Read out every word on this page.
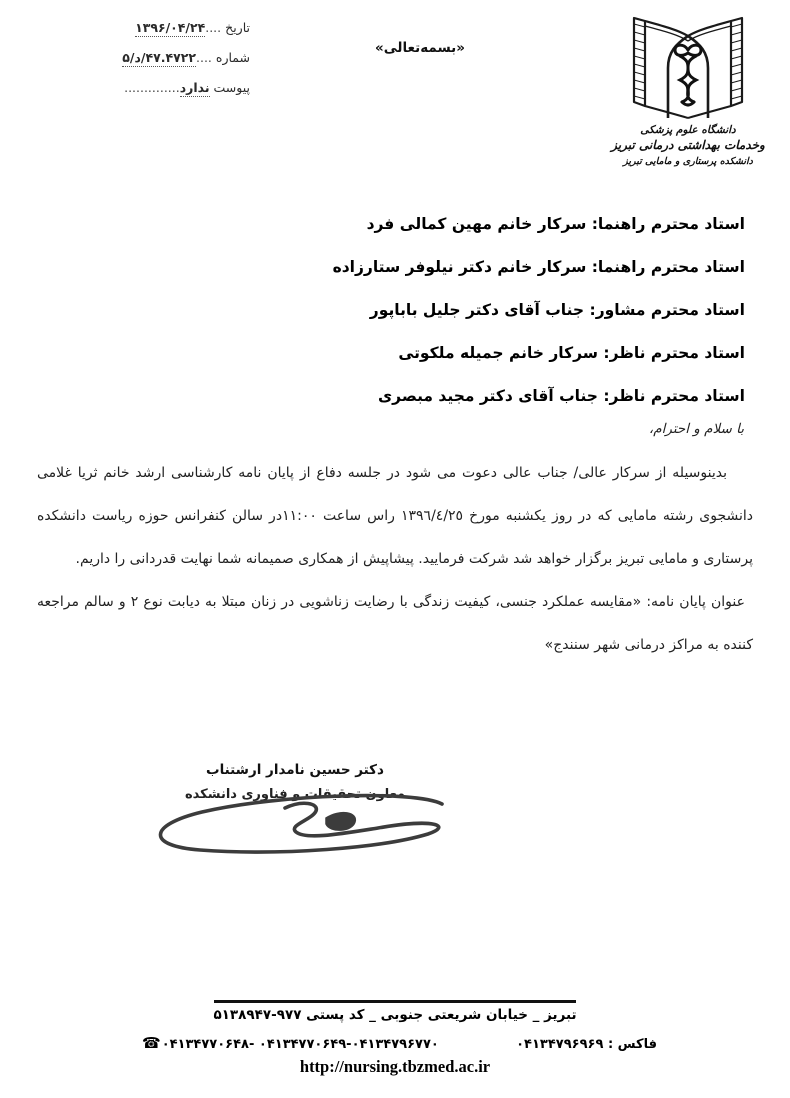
تاریخ ....۱۳۹۶/۰۴/۲۴
شماره ....۴۷.۴۷۲۲/د/۵
پیوست ندارد..............
«بسمه‌تعالی»
دانشگاه علوم پزشکی
وخدمات بهداشتی درمانی تبریز
دانشکده پرستاری و مامایی تبریز
استاد محترم راهنما: سرکار خانم مهین کمالی فرد
استاد محترم راهنما: سرکار خانم دکتر نیلوفر ستارزاده
استاد محترم مشاور: جناب آقای دکتر جلیل باباپور
استاد محترم ناظر: سرکار خانم جمیله ملکوتی
استاد محترم ناظر: جناب آقای دکتر مجید مبصری
با سلام و احترام،

بدینوسیله از سرکار عالی/ جناب عالی دعوت می شود در جلسه دفاع از پایان نامه کارشناسی ارشد خانم ثریا غلامی دانشجوی رشته مامایی که در روز یکشنبه مورخ ۱۳۹٦/٤/٢٥ راس ساعت ۱۱:۰۰در سالن کنفرانس حوزه ریاست دانشکده پرستاری و مامایی تبریز برگزار خواهد شد شرکت فرمایید. پیشاپیش از همکاری صمیمانه شما نهایت قدردانی را داریم.

عنوان پایان نامه: «مقایسه عملکرد جنسی، کیفیت زندگی با رضایت زناشویی در زنان مبتلا به دیابت نوع ۲ و سالم مراجعه کننده به مراکز درمانی شهر سنندج»

دکتر حسین نامدار ارشتناب
معاون تحقیقات و فناوری دانشکده
تبریز _ خیابان شریعتی جنوبی _ کد پستی ۵۱۳۸۹۴۷-۹۷۷
☎۰۴۱۳۴۷۷۰۶۴۸- ۰۴۱۳۴۷۷۰۶۴۹-۰۴۱۳۴۷۹۶۷۷۰	فاکس : ۰۴۱۳۴۷۹۶۹۶۹
http://nursing.tbzmed.ac.ir
